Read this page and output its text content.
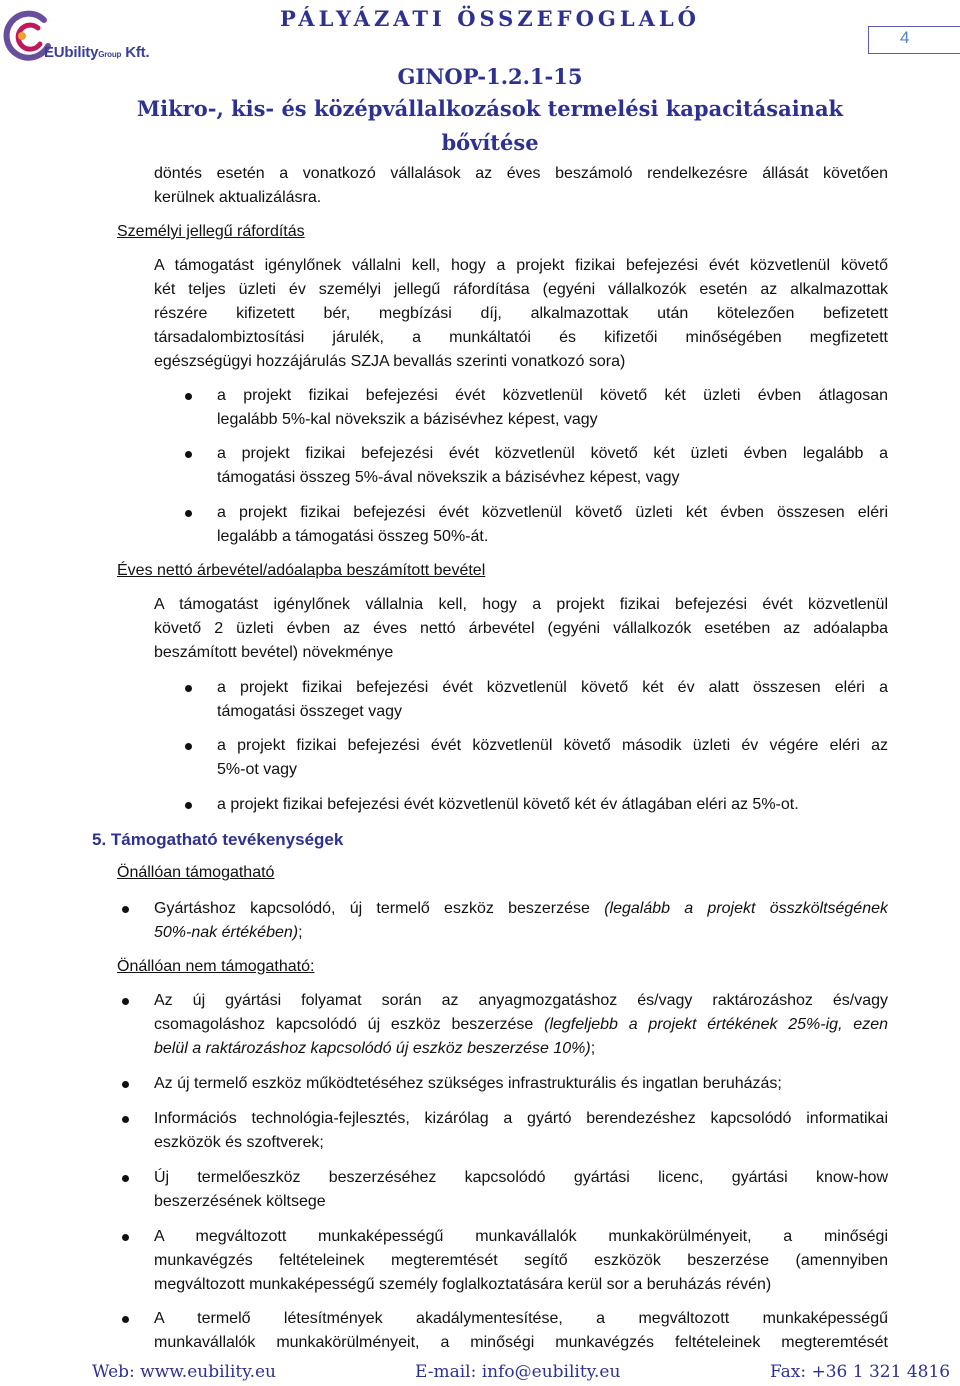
EUbilityGroup Kft.
PÁLYÁZATI ÖSSZEFOGLALÓ
GINOP-1.2.1-15
Mikro-, kis- és középvállalkozások termelési kapacitásainak
bővítése
4
döntés esetén a vonatkozó vállalások az éves beszámoló rendelkezésre állását követően
kerülnek aktualizálásra.
Személyi jellegű ráfordítás
A támogatást igénylőnek vállalni kell, hogy a projekt fizikai befejezési évét közvetlenül követő
két teljes üzleti év személyi jellegű ráfordítása (egyéni vállalkozók esetén az alkalmazottak
részére kifizetett bér, megbízási díj, alkalmazottak után kötelezően befizetett
társadalombiztosítási járulék, a munkáltatói és kifizetői minőségében megfizetett
egészségügyi hozzájárulás SZJA bevallás szerinti vonatkozó sora)
a projekt fizikai befejezési évét közvetlenül követő két üzleti évben átlagosan
legalább 5%-kal növekszik a bázisévhez képest, vagy
a projekt fizikai befejezési évét közvetlenül követő két üzleti évben legalább a
támogatási összeg 5%-ával növekszik a bázisévhez képest, vagy
a projekt fizikai befejezési évét közvetlenül követő üzleti két évben összesen eléri
legalább a támogatási összeg 50%-át.
Éves nettó árbevétel/adóalapba beszámított bevétel
A támogatást igénylőnek vállalnia kell, hogy a projekt fizikai befejezési évét közvetlenül
követő 2 üzleti évben az éves nettó árbevétel (egyéni vállalkozók esetében az adóalapba
beszámított bevétel) növekménye
a projekt fizikai befejezési évét közvetlenül követő két év alatt összesen eléri a
támogatási összeget vagy
a projekt fizikai befejezési évét közvetlenül követő második üzleti év végére eléri az
5%-ot vagy
a projekt fizikai befejezési évét közvetlenül követő két év átlagában eléri az 5%-ot.
5. Támogatható tevékenységek
Önállóan támogatható
Gyártáshoz kapcsolódó, új termelő eszköz beszerzése (legalább a projekt összköltségének
50%-nak értékében);
Önállóan nem támogatható:
Az új gyártási folyamat során az anyagmozgatáshoz és/vagy raktározáshoz és/vagy
csomagoláshoz kapcsolódó új eszköz beszerzése (legfeljebb a projekt értékének 25%-ig, ezen
belül a raktározáshoz kapcsolódó új eszköz beszerzése 10%);
Az új termelő eszköz működtetéséhez szükséges infrastrukturális és ingatlan beruházás;
Információs technológia-fejlesztés, kizárólag a gyártó berendezéshez kapcsolódó informatikai
eszközök és szoftverek;
Új termelőeszköz beszerzéséhez kapcsolódó gyártási licenc, gyártási know-how
beszerzésének költsege
A megváltozott munkaképességű munkavállalók munkakörülményeit, a minőségi
munkavégzés feltételeinek megteremtését segítő eszközök beszerzése (amennyiben
megváltozott munkaképességű személy foglalkoztatására kerül sor a beruházás révén)
A termelő létesítmények akadálymentesítése, a megváltozott munkaképességű
munkavállalók munkakörülményeit, a minőségi munkavégzés feltételeinek megteremtését
Web: www.eubility.eu	E-mail: info@eubility.eu	Fax: +36 1 321 4816
